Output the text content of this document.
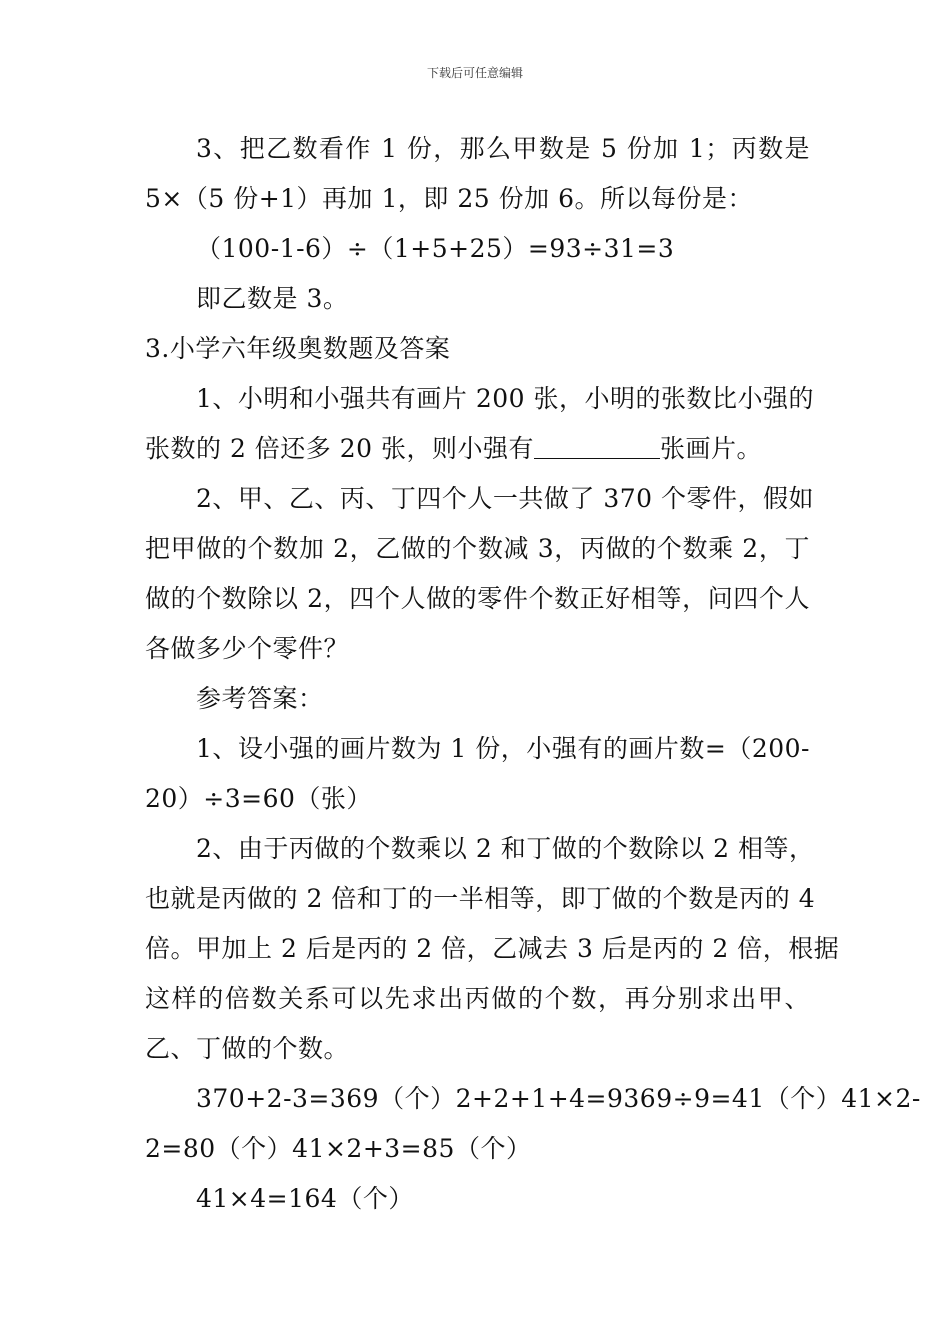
下载后可任意编辑
3、把乙数看作 1 份，那么甲数是 5 份加 1；丙数是
5×（5 份+1）再加 1，即 25 份加 6。所以每份是：
（100-1-6）÷（1+5+25）=93÷31=3
即乙数是 3。
3.小学六年级奥数题及答案
1、小明和小强共有画片 200 张，小明的张数比小强的
张数的 2 倍还多 20 张，则小强有	张画片。
2、甲、乙、丙、丁四个人一共做了 370 个零件，假如
把甲做的个数加 2，乙做的个数减 3，丙做的个数乘 2，丁
做的个数除以 2，四个人做的零件个数正好相等，问四个人
各做多少个零件？
参考答案：
1、设小强的画片数为 1 份，小强有的画片数=（200-
20）÷3=60（张）
2、由于丙做的个数乘以 2 和丁做的个数除以 2 相等，
也就是丙做的 2 倍和丁的一半相等，即丁做的个数是丙的 4
倍。甲加上 2 后是丙的 2 倍，乙减去 3 后是丙的 2 倍，根据
这样的倍数关系可以先求出丙做的个数，再分别求出甲、
乙、丁做的个数。
370+2-3=369（个）2+2+1+4=9369÷9=41（个）41×2-
2=80（个）41×2+3=85（个）
41×4=164（个）
